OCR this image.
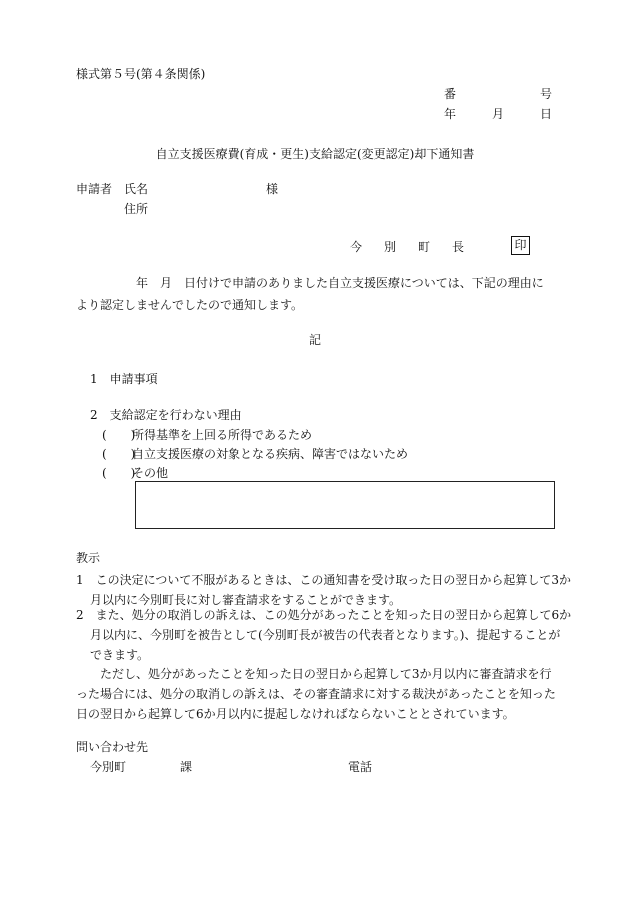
様式第５号(第４条関係)
番	号
年	月	日
自立支援医療費(育成・更生)支給認定(変更認定)却下通知書
申請者 氏名	様
住所
今 別 町 長	印
　　　　　年　月　日付けで申請のありました自立支援医療については、下記の理由により認定しませんでしたので通知します。
記
1　申請事項
2　支給認定を行わない理由
(　　)所得基準を上回る所得であるため
(　　)自立支援医療の対象となる疾病、障害ではないため
(　　)その他
教示
1　この決定について不服があるときは、この通知書を受け取った日の翌日から起算して3か月以内に今別町長に対し審査請求をすることができます。
2　また、処分の取消しの訴えは、この処分があったことを知った日の翌日から起算して6か月以内に、今別町を被告として(今別町長が被告の代表者となります。)、提起することができます。
ただし、処分があったことを知った日の翌日から起算して3か月以内に審査請求を行った場合には、処分の取消しの訴えは、その審査請求に対する裁決があったことを知った日の翌日から起算して6か月以内に提起しなければならないこととされています。
問い合わせ先
今別町	課	電話
